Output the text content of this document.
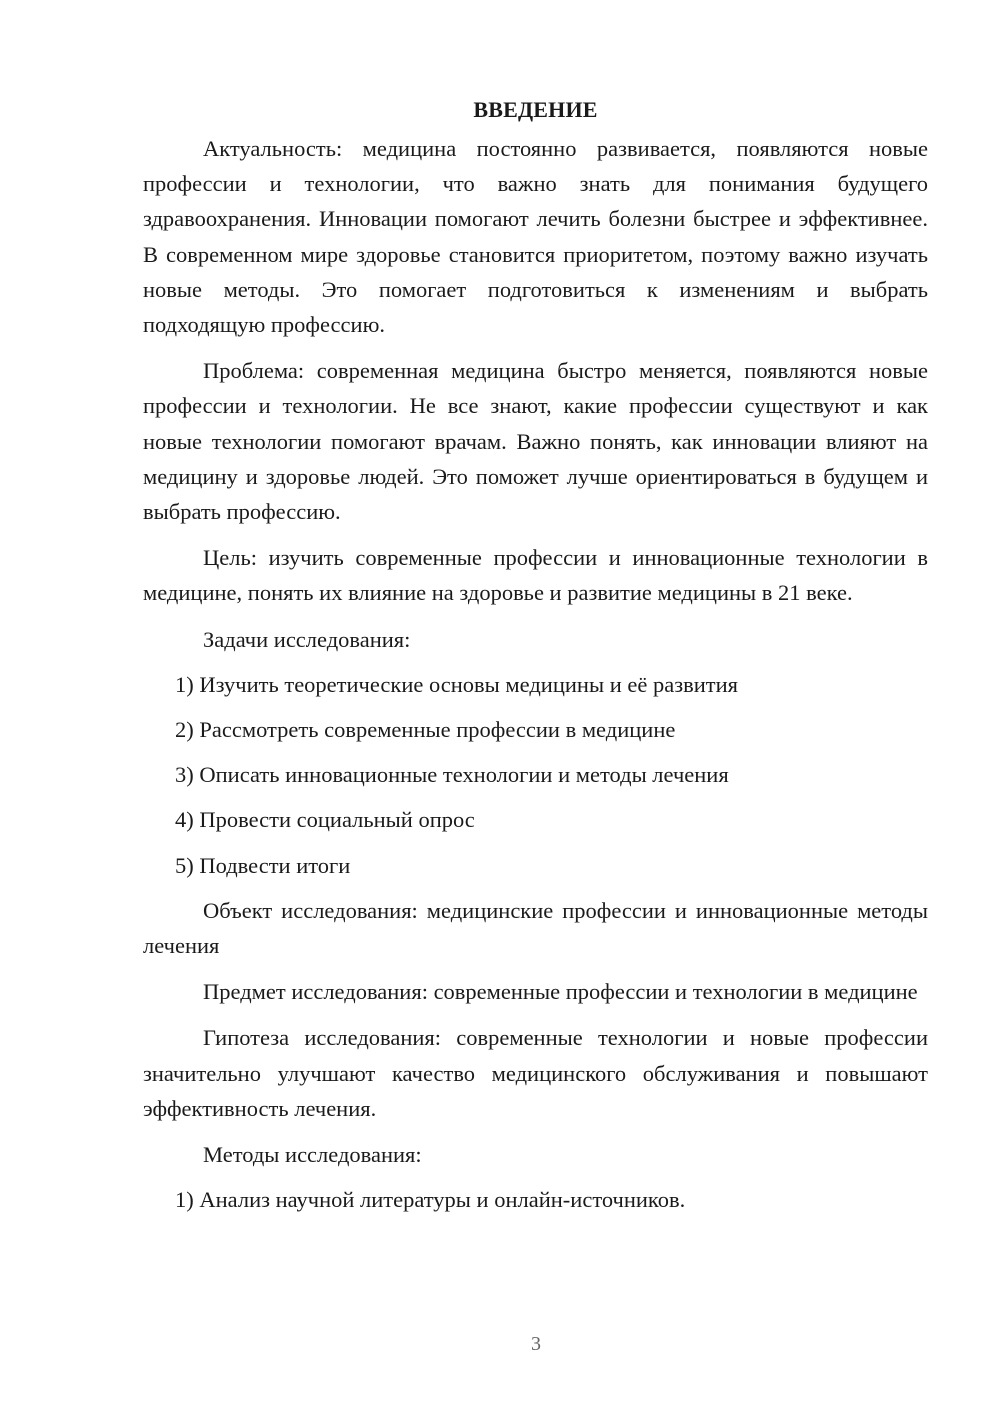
ВВЕДЕНИЕ

Актуальность: медицина постоянно развивается, появляются новые профессии и технологии, что важно знать для понимания будущего здравоохранения. Инновации помогают лечить болезни быстрее и эффективнее. В современном мире здоровье становится приоритетом, поэтому важно изучать новые методы. Это помогает подготовиться к изменениям и выбрать подходящую профессию.

Проблема: современная медицина быстро меняется, появляются новые профессии и технологии. Не все знают, какие профессии существуют и как новые технологии помогают врачам. Важно понять, как инновации влияют на медицину и здоровье людей. Это поможет лучше ориентироваться в будущем и выбрать профессию.

Цель: изучить современные профессии и инновационные технологии в медицине, понять их влияние на здоровье и развитие медицины в 21 веке.

Задачи исследования:

1) Изучить теоретические основы медицины и её развития
2) Рассмотреть современные профессии в медицине
3) Описать инновационные технологии и методы лечения
4) Провести социальный опрос
5) Подвести итоги

Объект исследования: медицинские профессии и инновационные методы лечения

Предмет исследования: современные профессии и технологии в медицине

Гипотеза исследования: современные технологии и новые профессии значительно улучшают качество медицинского обслуживания и повышают эффективность лечения.

Методы исследования:

1) Анализ научной литературы и онлайн-источников.
3
